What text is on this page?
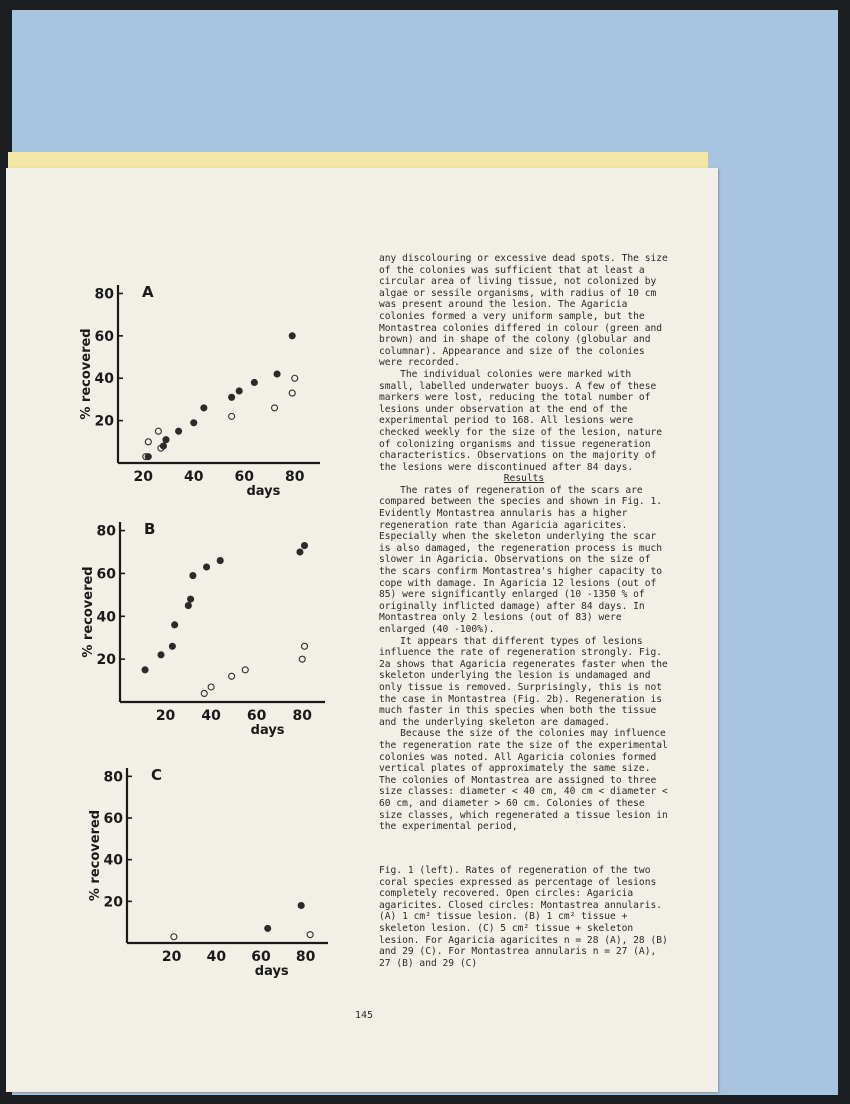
20
40
60
80
20 40 60 80
days
% recovered
A
20
40
60
80
20 40 60 80
days
% recovered
B
20
40
60
80
20 40 60 80
days
% recovered
C

any discolouring or excessive dead spots. The size of the colonies was sufficient that at least a circular area of living tissue, not colonized by algae or sessile organisms, with radius of 10 cm was present around the lesion. The Agaricia colonies formed a very uniform sample, but the Montastrea colonies differed in colour (green and brown) and in shape of the colony (globular and columnar). Appearance and size of the colonies were recorded.

The individual colonies were marked with small, labelled underwater buoys. A few of these markers were lost, reducing the total number of lesions under observation at the end of the experimental period to 168. All lesions were checked weekly for the size of the lesion, nature of colonizing organisms and tissue regeneration characteristics. Observations on the majority of the lesions were discontinued after 84 days.

Results

The rates of regeneration of the scars are compared between the species and shown in Fig. 1. Evidently Montastrea annularis has a higher regeneration rate than Agaricia agaricites. Especially when the skeleton underlying the scar is also damaged, the regeneration process is much slower in Agaricia. Observations on the size of the scars confirm Montastrea's higher capacity to cope with damage. In Agaricia 12 lesions (out of 85) were significantly enlarged (10 -1350 % of originally inflicted damage) after 84 days. In Montastrea only 2 lesions (out of 83) were enlarged (40 -100%).

It appears that different types of lesions influence the rate of regeneration strongly. Fig. 2a shows that Agaricia regenerates faster when the skeleton underlying the lesion is undamaged and only tissue is removed. Surprisingly, this is not the case in Montastrea (Fig. 2b). Regeneration is much faster in this species when both the tissue and the underlying skeleton are damaged.

Because the size of the colonies may influence the regeneration rate the size of the experimental colonies was noted. All Agaricia colonies formed vertical plates of approximately the same size. The colonies of Montastrea are assigned to three size classes: diameter < 40 cm, 40 cm < diameter < 60 cm, and diameter > 60 cm. Colonies of these size classes, which regenerated a tissue lesion in the experimental period,

Fig. 1 (left). Rates of regeneration of the two coral species expressed as percentage of lesions completely recovered. Open circles: Agaricia agaricites. Closed circles: Montastrea annularis. (A) 1 cm² tissue lesion. (B) 1 cm² tissue + skeleton lesion. (C) 5 cm² tissue + skeleton lesion. For Agaricia agaricites n = 28 (A), 28 (B) and 29 (C). For Montastrea annularis n = 27 (A), 27 (B) and 29 (C)
145
